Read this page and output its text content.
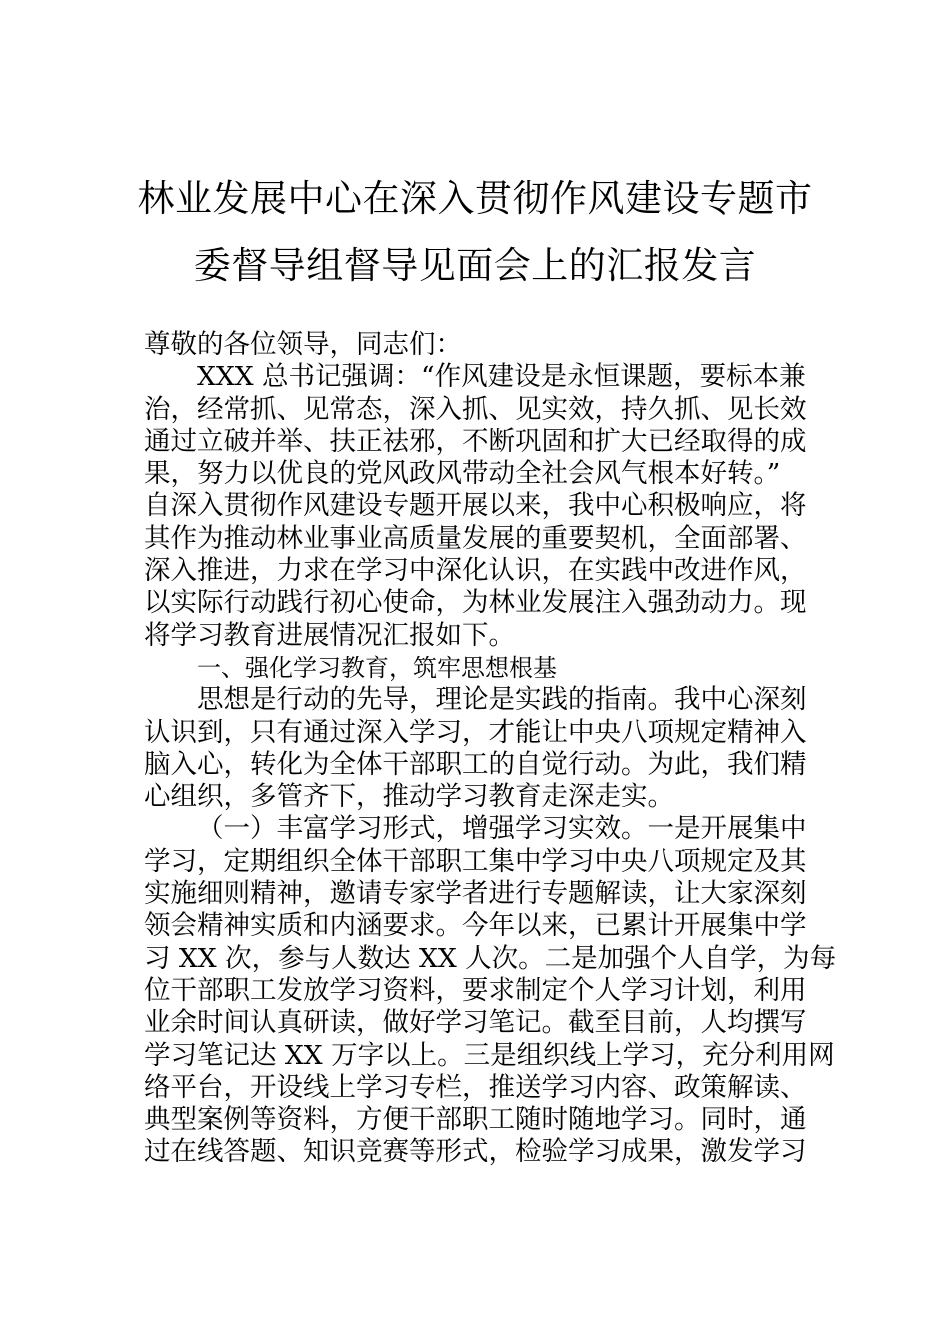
林业发展中心在深入贯彻作风建设专题市
委督导组督导见面会上的汇报发言
尊敬的各位领导，同志们：
XXX 总书记强调：“作风建设是永恒课题，要标本兼
治，经常抓、见常态，深入抓、见实效，持久抓、见长效
通过立破并举、扶正祛邪，不断巩固和扩大已经取得的成
果，努力以优良的党风政风带动全社会风气根本好转。”
自深入贯彻作风建设专题开展以来，我中心积极响应，将
其作为推动林业事业高质量发展的重要契机，全面部署、
深入推进，力求在学习中深化认识，在实践中改进作风，
以实际行动践行初心使命，为林业发展注入强劲动力。现
将学习教育进展情况汇报如下。
一、强化学习教育，筑牢思想根基
思想是行动的先导，理论是实践的指南。我中心深刻
认识到，只有通过深入学习，才能让中央八项规定精神入
脑入心，转化为全体干部职工的自觉行动。为此，我们精
心组织，多管齐下，推动学习教育走深走实。
（一）丰富学习形式，增强学习实效。一是开展集中
学习，定期组织全体干部职工集中学习中央八项规定及其
实施细则精神，邀请专家学者进行专题解读，让大家深刻
领会精神实质和内涵要求。今年以来，已累计开展集中学
习 XX 次，参与人数达 XX 人次。二是加强个人自学，为每
位干部职工发放学习资料，要求制定个人学习计划，利用
业余时间认真研读，做好学习笔记。截至目前，人均撰写
学习笔记达 XX 万字以上。三是组织线上学习，充分利用网
络平台，开设线上学习专栏，推送学习内容、政策解读、
典型案例等资料，方便干部职工随时随地学习。同时，通
过在线答题、知识竞赛等形式，检验学习成果，激发学习
